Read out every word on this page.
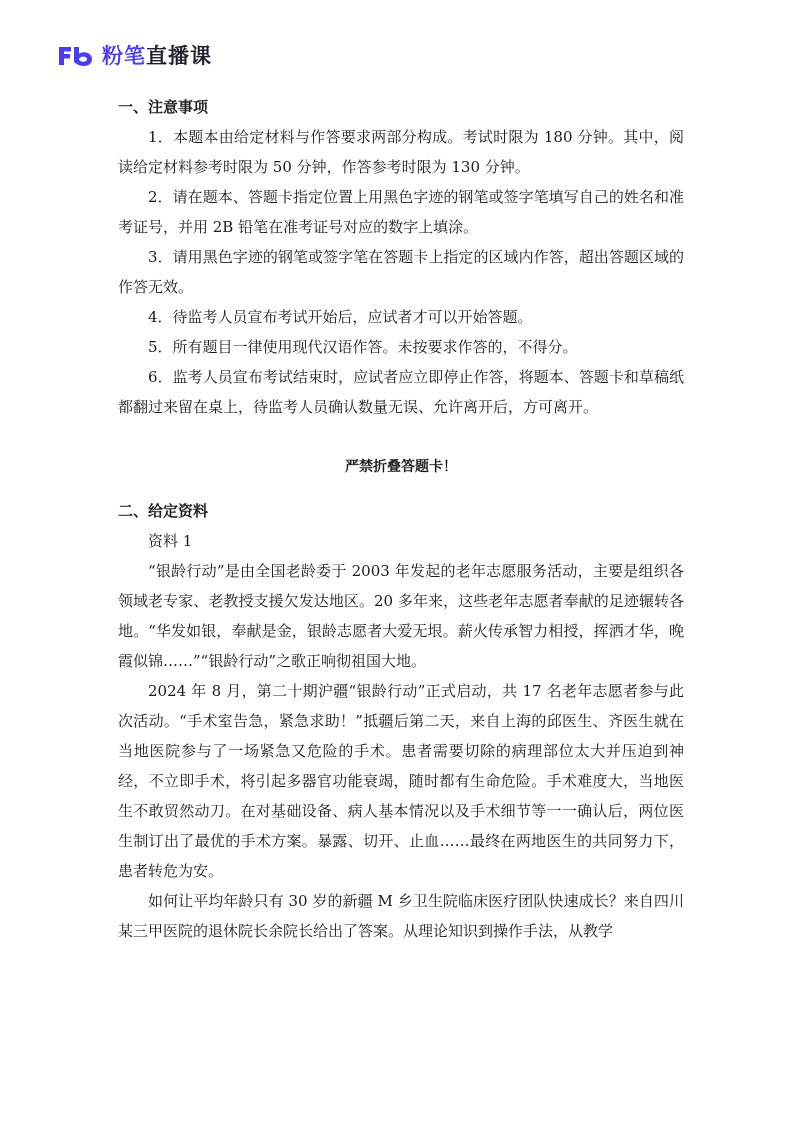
粉笔直播课

一、注意事项

1．本题本由给定材料与作答要求两部分构成。考试时限为 180 分钟。其中，阅读给定材料参考时限为 50 分钟，作答参考时限为 130 分钟。

2．请在题本、答题卡指定位置上用黑色字迹的钢笔或签字笔填写自己的姓名和准考证号，并用 2B 铅笔在准考证号对应的数字上填涂。

3．请用黑色字迹的钢笔或签字笔在答题卡上指定的区域内作答，超出答题区域的作答无效。

4．待监考人员宣布考试开始后，应试者才可以开始答题。

5．所有题目一律使用现代汉语作答。未按要求作答的，不得分。

6．监考人员宣布考试结束时，应试者应立即停止作答，将题本、答题卡和草稿纸都翻过来留在桌上，待监考人员确认数量无误、允许离开后，方可离开。

严禁折叠答题卡！

二、给定资料

资料 1

“银龄行动”是由全国老龄委于 2003 年发起的老年志愿服务活动，主要是组织各领域老专家、老教授支援欠发达地区。20 多年来，这些老年志愿者奉献的足迹辗转各地。“华发如银，奉献是金，银龄志愿者大爱无垠。薪火传承智力相授，挥洒才华，晚霞似锦……”“银龄行动”之歌正响彻祖国大地。

2024 年 8 月，第二十期沪疆“银龄行动”正式启动，共 17 名老年志愿者参与此次活动。“手术室告急，紧急求助！”抵疆后第二天，来自上海的邱医生、齐医生就在当地医院参与了一场紧急又危险的手术。患者需要切除的病理部位太大并压迫到神经，不立即手术，将引起多器官功能衰竭，随时都有生命危险。手术难度大，当地医生不敢贸然动刀。在对基础设备、病人基本情况以及手术细节等一一确认后，两位医生制订出了最优的手术方案。暴露、切开、止血……最终在两地医生的共同努力下，患者转危为安。

如何让平均年龄只有 30 岁的新疆 M 乡卫生院临床医疗团队快速成长？来自四川某三甲医院的退休院长余院长给出了答案。从理论知识到操作手法，从教学
